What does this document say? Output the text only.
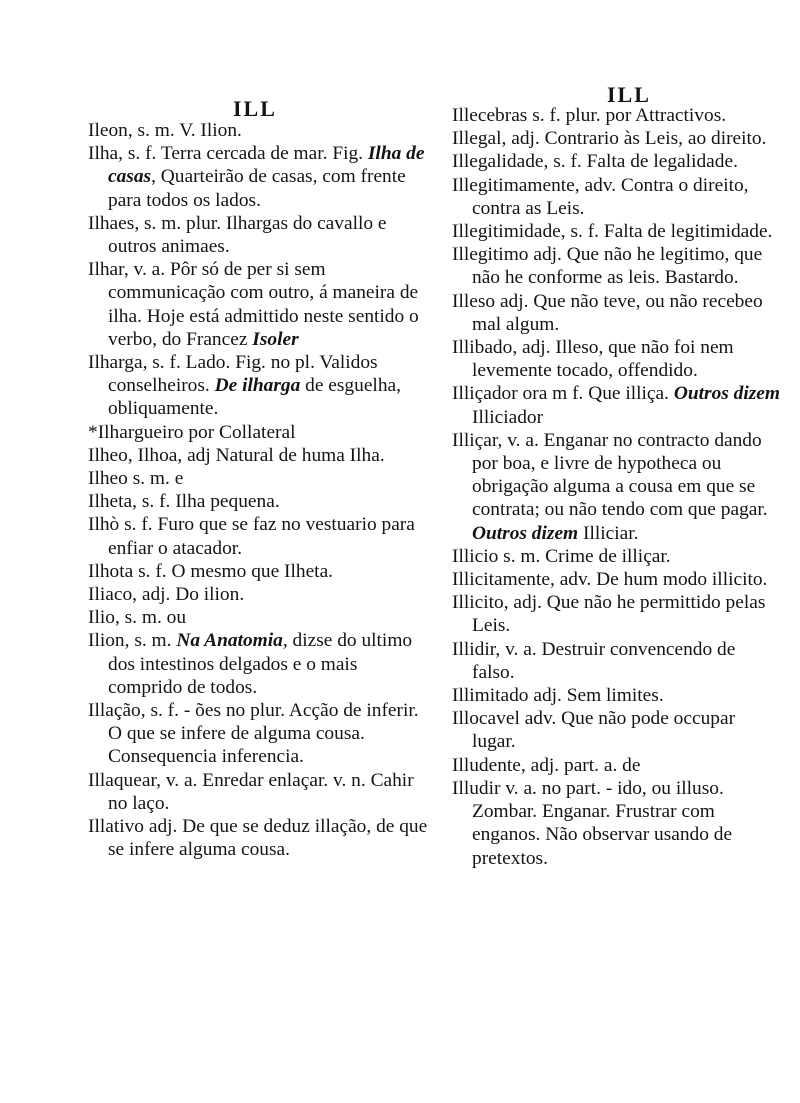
ILL

Ileon, s. m. V. Ilion.

Ilha, s. f. Terra cercada de mar. Fig. Ilha de casas, Quarteirão de casas, com frente para todos os lados.

Ilhaes, s. m. plur. Ilhargas do cavallo e outros animaes.

Ilhar, v. a. Pôr só de per si sem communicação com outro, á maneira de ilha. Hoje está admittido neste sentido o verbo, do Francez Isoler

Ilharga, s. f. Lado. Fig. no pl. Validos conselheiros. De ilharga de esguelha, obliquamente.

*Ilhargueiro por Collateral

Ilheo, Ilhoa, adj Natural de huma Ilha.

Ilheo s. m. e

Ilheta, s. f. Ilha pequena.

Ilhò s. f. Furo que se faz no vestuario para enfiar o atacador.

Ilhota s. f. O mesmo que Ilheta.

Iliaco, adj. Do ilion.

Ilio, s. m. ou

Ilion, s. m. Na Anatomia, dizse do ultimo dos intestinos delgados e o mais comprido de todos.

Illação, s. f. - ões no plur. Acção de inferir. O que se infere de alguma cousa. Consequencia inferencia.

Illaquear, v. a. Enredar enlaçar. v. n. Cahir no laço.

Illativo adj. De que se deduz illação, de que se infere alguma cousa.

ILL

Illecebras s. f. plur. por Attractivos.

Illegal, adj. Contrario às Leis, ao direito.

Illegalidade, s. f. Falta de legalidade.

Illegitimamente, adv. Contra o direito, contra as Leis.

Illegitimidade, s. f. Falta de legitimidade.

Illegitimo adj. Que não he legitimo, que não he conforme as leis. Bastardo.

Illeso adj. Que não teve, ou não recebeo mal algum.

Illibado, adj. Illeso, que não foi nem levemente tocado, offendido.

Illiçador ora m f. Que illiça. Outros dizem Illiciador

Illiçar, v. a. Enganar no contracto dando por boa, e livre de hypotheca ou obrigação alguma a cousa em que se contrata; ou não tendo com que pagar. Outros dizem Illiciar.

Illicio s. m. Crime de illiçar.

Illicitamente, adv. De hum modo illicito.

Illicito, adj. Que não he permittido pelas Leis.

Illidir, v. a. Destruir convencendo de falso.

Illimitado adj. Sem limites.

Illocavel adv. Que não pode occupar lugar.

Illudente, adj. part. a. de

Illudir v. a. no part. - ido, ou illuso. Zombar. Enganar. Frustrar com enganos. Não observar usando de pretextos.
